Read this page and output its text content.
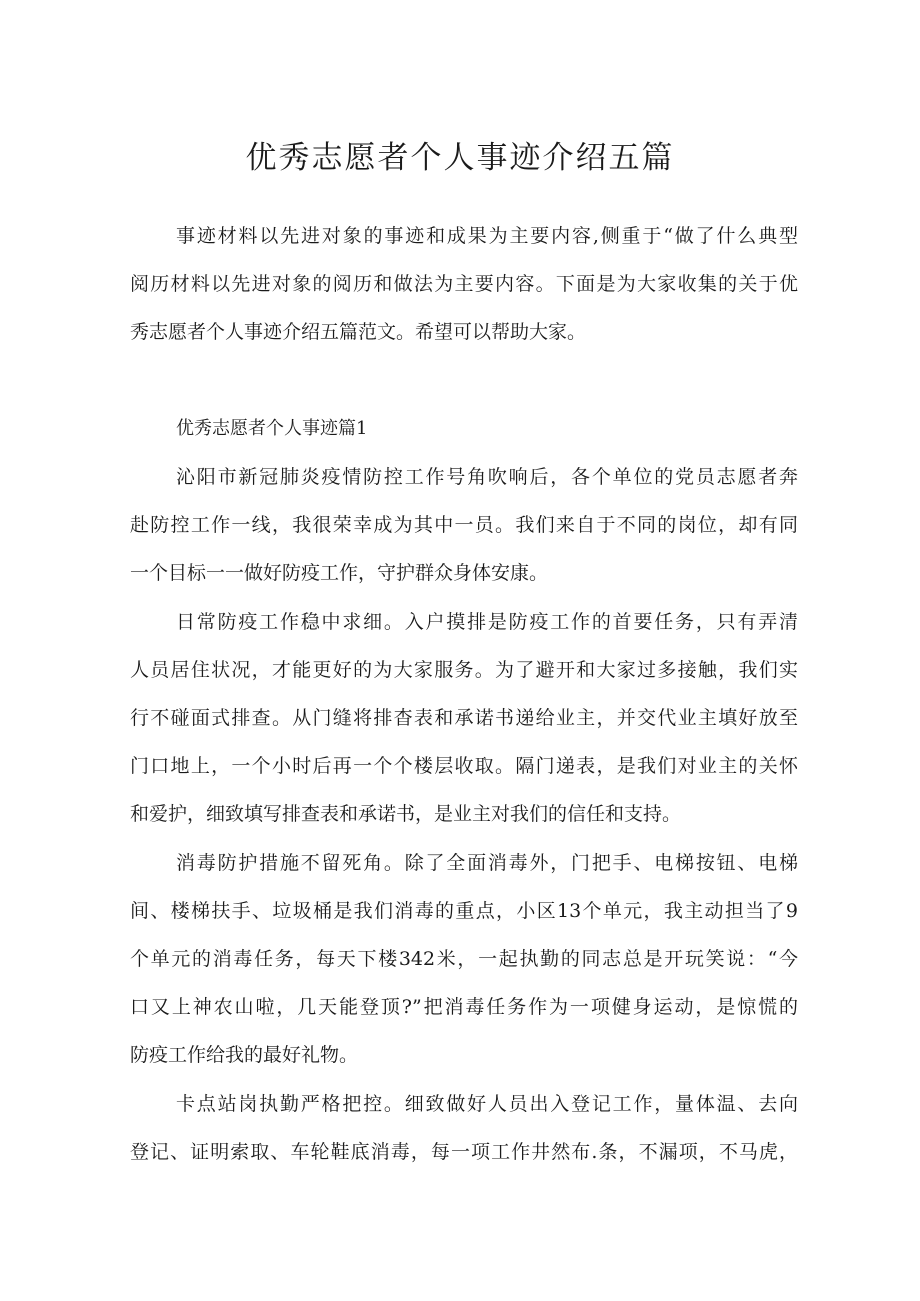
优秀志愿者个人事迹介绍五篇
事迹材料以先进对象的事迹和成果为主要内容,侧重于“做了什么典型
阅历材料以先进对象的阅历和做法为主要内容。下面是为大家收集的关于优
秀志愿者个人事迹介绍五篇范文。希望可以帮助大家。
优秀志愿者个人事迹篇1
沁阳市新冠肺炎疫情防控工作号角吹响后，各个单位的党员志愿者奔
赴防控工作一线，我很荣幸成为其中一员。我们来自于不同的岗位，却有同
一个目标一一做好防疫工作，守护群众身体安康。
日常防疫工作稳中求细。入户摸排是防疫工作的首要任务，只有弄清
人员居住状况，才能更好的为大家服务。为了避开和大家过多接触，我们实
行不碰面式排查。从门缝将排杳表和承诺书递给业主，并交代业主填好放至
门口地上，一个小时后再一个个楼层收取。隔门递表，是我们对业主的关怀
和爱护，细致填写排查表和承诺书，是业主对我们的信任和支持。
消毒防护措施不留死角。除了全面消毒外，门把手、电梯按钮、电梯
间、楼梯扶手、垃圾桶是我们消毒的重点，小区13个单元，我主动担当了9
个单元的消毒任务，每天下楼342米，一起执勤的同志总是开玩笑说：“今
口又上神农山啦，几天能登顶?”把消毒任务作为一项健身运动，是惊慌的
防疫工作给我的最好礼物。
卡点站岗执勤严格把控。细致做好人员出入登记工作，量体温、去向
登记、证明索取、车轮鞋底消毒，每一项工作井然布.条，不漏项，不马虎，
